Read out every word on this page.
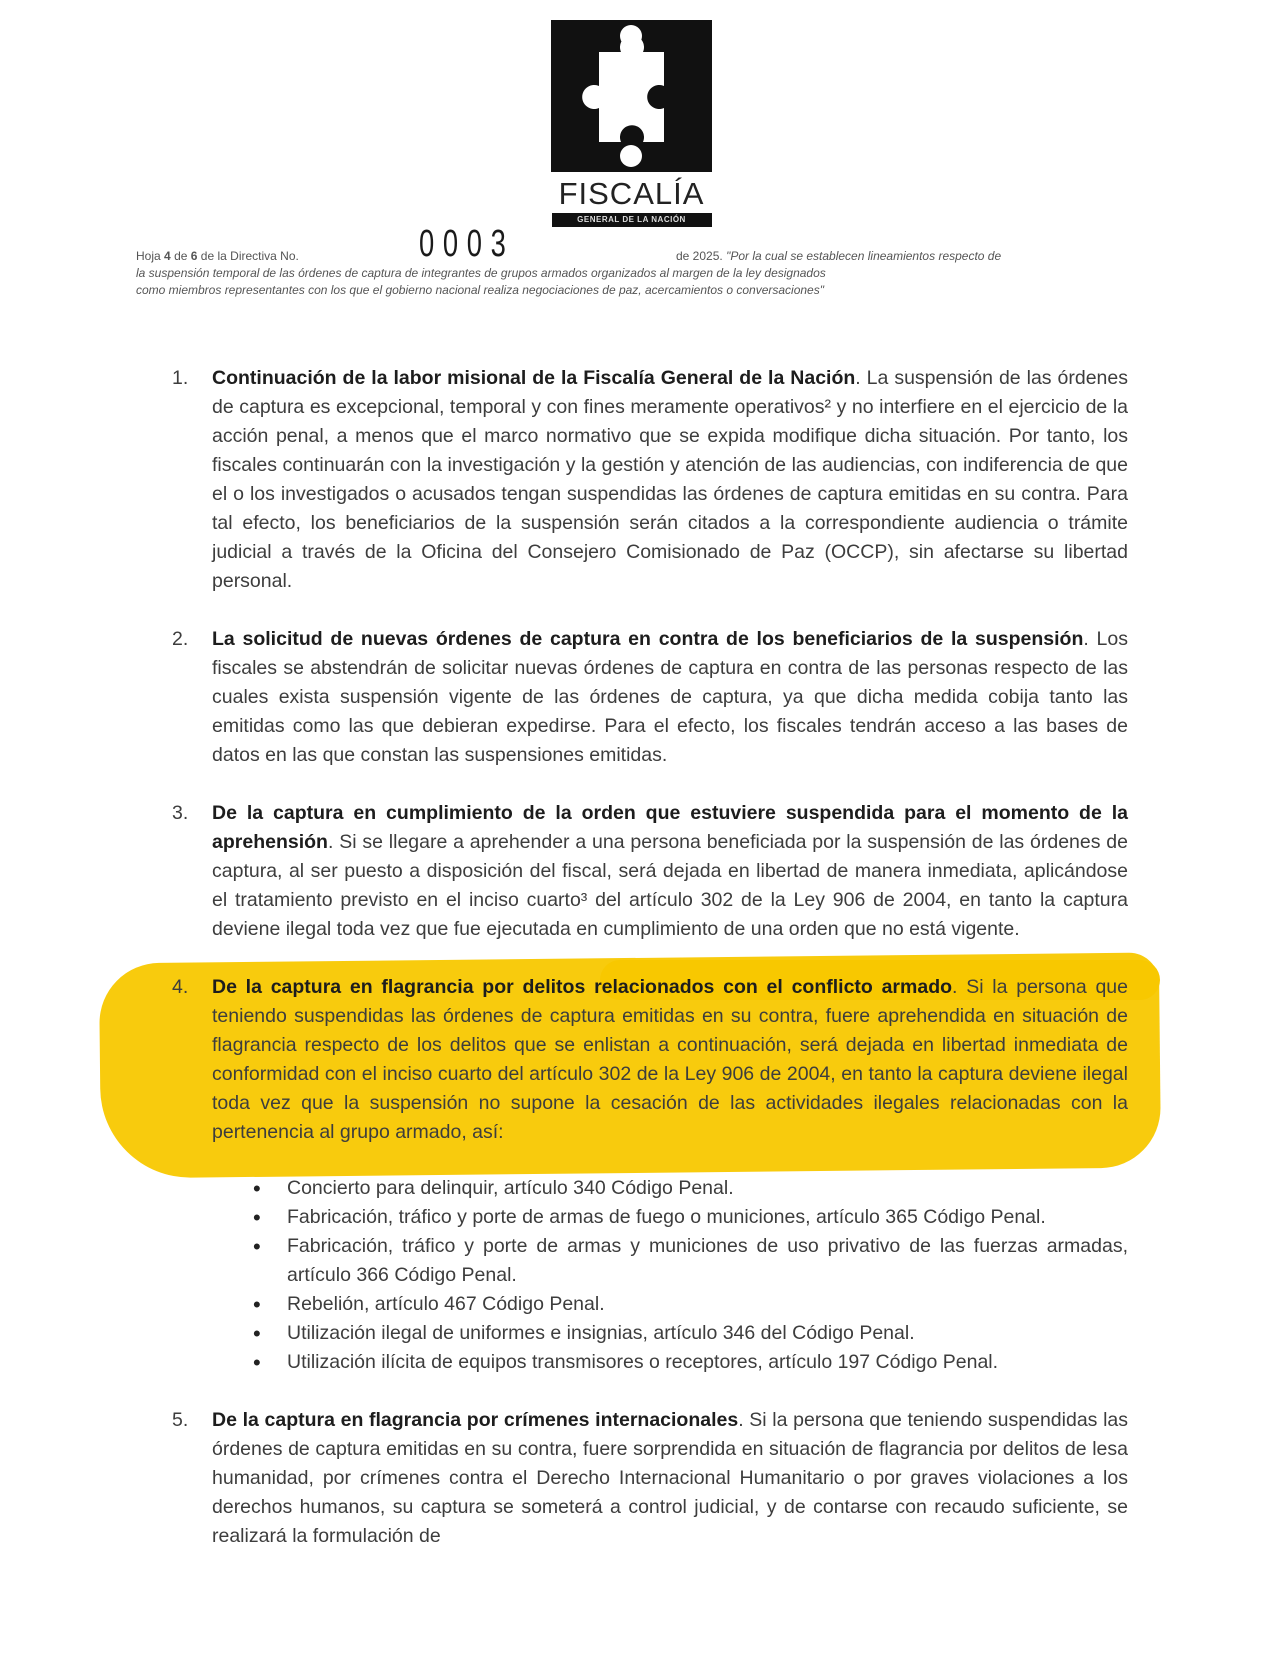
FISCALÍA
GENERAL DE LA NACIÓN
Hoja 4 de 6 de la Directiva No.	0003	de 2025. "Por la cual se establecen lineamientos respecto de
la suspensión temporal de las órdenes de captura de integrantes de grupos armados organizados al margen de la ley designados
como miembros representantes con los que el gobierno nacional realiza negociaciones de paz, acercamientos o conversaciones"
1. Continuación de la labor misional de la Fiscalía General de la Nación. La suspensión de las órdenes de captura es excepcional, temporal y con fines meramente operativos² y no interfiere en el ejercicio de la acción penal, a menos que el marco normativo que se expida modifique dicha situación. Por tanto, los fiscales continuarán con la investigación y la gestión y atención de las audiencias, con indiferencia de que el o los investigados o acusados tengan suspendidas las órdenes de captura emitidas en su contra. Para tal efecto, los beneficiarios de la suspensión serán citados a la correspondiente audiencia o trámite judicial a través de la Oficina del Consejero Comisionado de Paz (OCCP), sin afectarse su libertad personal.
2. La solicitud de nuevas órdenes de captura en contra de los beneficiarios de la suspensión. Los fiscales se abstendrán de solicitar nuevas órdenes de captura en contra de las personas respecto de las cuales exista suspensión vigente de las órdenes de captura, ya que dicha medida cobija tanto las emitidas como las que debieran expedirse. Para el efecto, los fiscales tendrán acceso a las bases de datos en las que constan las suspensiones emitidas.
3. De la captura en cumplimiento de la orden que estuviere suspendida para el momento de la aprehensión. Si se llegare a aprehender a una persona beneficiada por la suspensión de las órdenes de captura, al ser puesto a disposición del fiscal, será dejada en libertad de manera inmediata, aplicándose el tratamiento previsto en el inciso cuarto³ del artículo 302 de la Ley 906 de 2004, en tanto la captura deviene ilegal toda vez que fue ejecutada en cumplimiento de una orden que no está vigente.
4. De la captura en flagrancia por delitos relacionados con el conflicto armado. Si la persona que teniendo suspendidas las órdenes de captura emitidas en su contra, fuere aprehendida en situación de flagrancia respecto de los delitos que se enlistan a continuación, será dejada en libertad inmediata de conformidad con el inciso cuarto del artículo 302 de la Ley 906 de 2004, en tanto la captura deviene ilegal toda vez que la suspensión no supone la cesación de las actividades ilegales relacionadas con la pertenencia al grupo armado, así:
• Concierto para delinquir, artículo 340 Código Penal.
• Fabricación, tráfico y porte de armas de fuego o municiones, artículo 365 Código Penal.
• Fabricación, tráfico y porte de armas y municiones de uso privativo de las fuerzas armadas, artículo 366 Código Penal.
• Rebelión, artículo 467 Código Penal.
• Utilización ilegal de uniformes e insignias, artículo 346 del Código Penal.
• Utilización ilícita de equipos transmisores o receptores, artículo 197 Código Penal.
5. De la captura en flagrancia por crímenes internacionales. Si la persona que teniendo suspendidas las órdenes de captura emitidas en su contra, fuere sorprendida en situación de flagrancia por delitos de lesa humanidad, por crímenes contra el Derecho Internacional Humanitario o por graves violaciones a los derechos humanos, su captura se someterá a control judicial, y de contarse con recaudo suficiente, se realizará la formulación de
